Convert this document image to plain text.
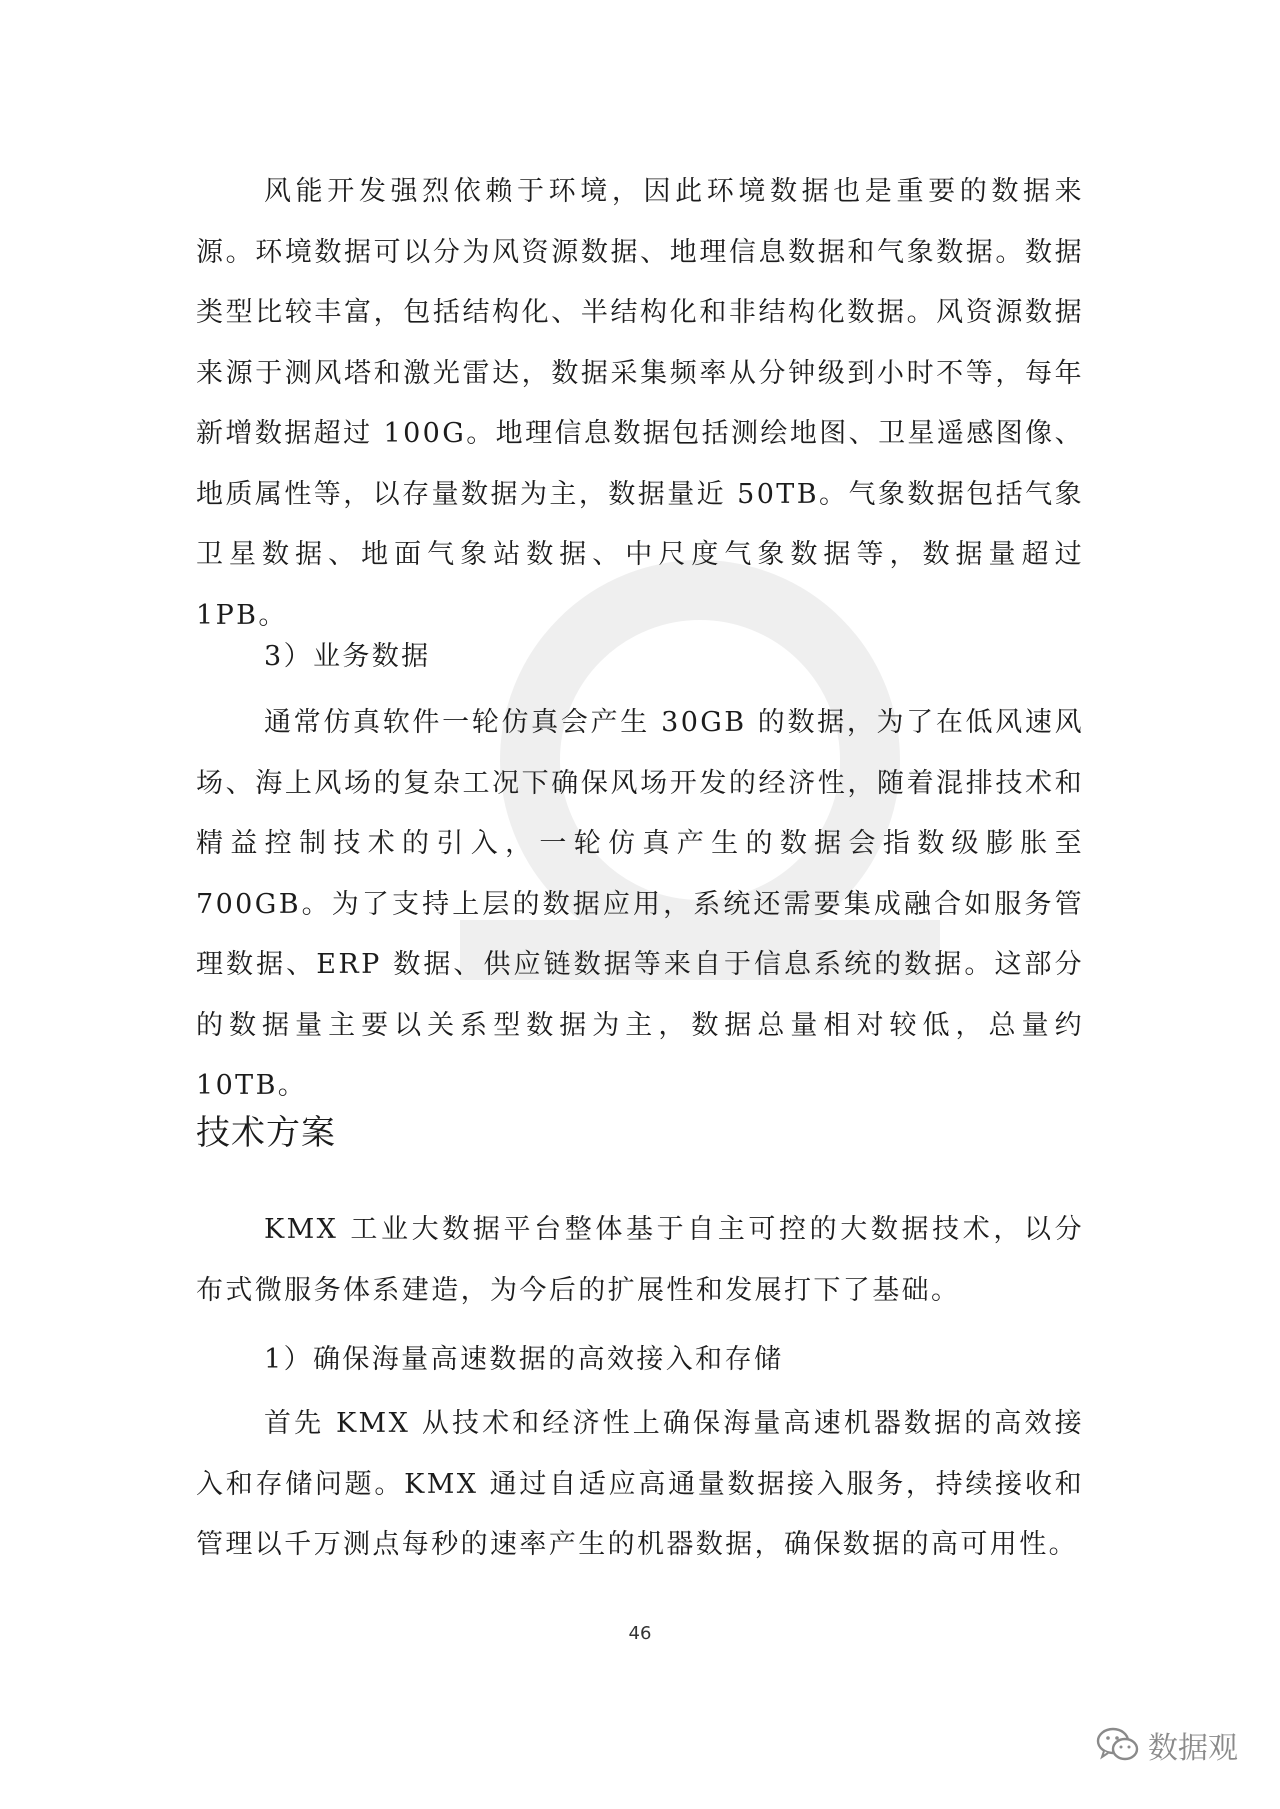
风能开发强烈依赖于环境，因此环境数据也是重要的数据来源。环境数据可以分为风资源数据、地理信息数据和气象数据。数据类型比较丰富，包括结构化、半结构化和非结构化数据。风资源数据来源于测风塔和激光雷达，数据采集频率从分钟级到小时不等，每年新增数据超过 100G。地理信息数据包括测绘地图、卫星遥感图像、地质属性等，以存量数据为主，数据量近 50TB。气象数据包括气象卫星数据、地面气象站数据、中尺度气象数据等，数据量超过 1PB。

3）业务数据

通常仿真软件一轮仿真会产生 30GB 的数据，为了在低风速风场、海上风场的复杂工况下确保风场开发的经济性，随着混排技术和精益控制技术的引入，一轮仿真产生的数据会指数级膨胀至 700GB。为了支持上层的数据应用，系统还需要集成融合如服务管理数据、ERP 数据、供应链数据等来自于信息系统的数据。这部分的数据量主要以关系型数据为主，数据总量相对较低，总量约 10TB。

技术方案

KMX 工业大数据平台整体基于自主可控的大数据技术，以分布式微服务体系建造，为今后的扩展性和发展打下了基础。

1）确保海量高速数据的高效接入和存储

首先 KMX 从技术和经济性上确保海量高速机器数据的高效接入和存储问题。KMX 通过自适应高通量数据接入服务，持续接收和管理以千万测点每秒的速率产生的机器数据，确保数据的高可用性。

46
数据观
